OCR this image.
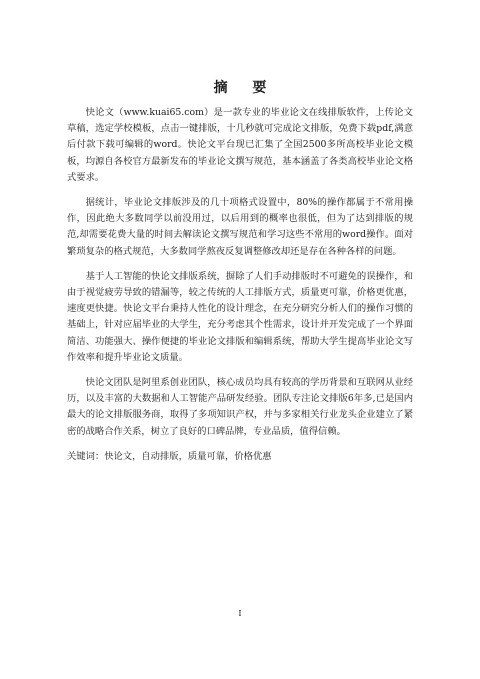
摘 要

快论文（www.kuai65.com）是一款专业的毕业论文在线排版软件，上传论文草稿，选定学校模板，点击一键排版，十几秒就可完成论文排版，免费下载pdf,满意后付款下载可编辑的word。快论文平台现已汇集了全国2500多所高校毕业论文模板，均源自各校官方最新发布的毕业论文撰写规范，基本涵盖了各类高校毕业论文格式要求。

据统计，毕业论文排版涉及的几十项格式设置中，80%的操作都属于不常用操作，因此绝大多数同学以前没用过，以后用到的概率也很低，但为了达到排版的规范,却需要花费大量的时间去解读论文撰写规范和学习这些不常用的word操作。面对繁琐复杂的格式规范，大多数同学熬夜反复调整修改却还是存在各种各样的问题。

基于人工智能的快论文排版系统，摒除了人们手动排版时不可避免的误操作，和由于视觉疲劳导致的错漏等，较之传统的人工排版方式，质量更可靠，价格更优惠，速度更快捷。快论文平台秉持人性化的设计理念，在充分研究分析人们的操作习惯的基础上，针对应届毕业的大学生，充分考虑其个性需求，设计并开发完成了一个界面简洁、功能强大、操作便捷的毕业论文排版和编辑系统，帮助大学生提高毕业论文写作效率和提升毕业论文质量。

快论文团队是阿里系创业团队，核心成员均具有较高的学历背景和互联网从业经历，以及丰富的大数据和人工智能产品研发经验。团队专注论文排版6年多,已是国内最大的论文排版服务商，取得了多项知识产权，并与多家相关行业龙头企业建立了紧密的战略合作关系，树立了良好的口碑品牌，专业品质，值得信赖。

关键词：快论文，自动排版，质量可靠，价格优惠

I
